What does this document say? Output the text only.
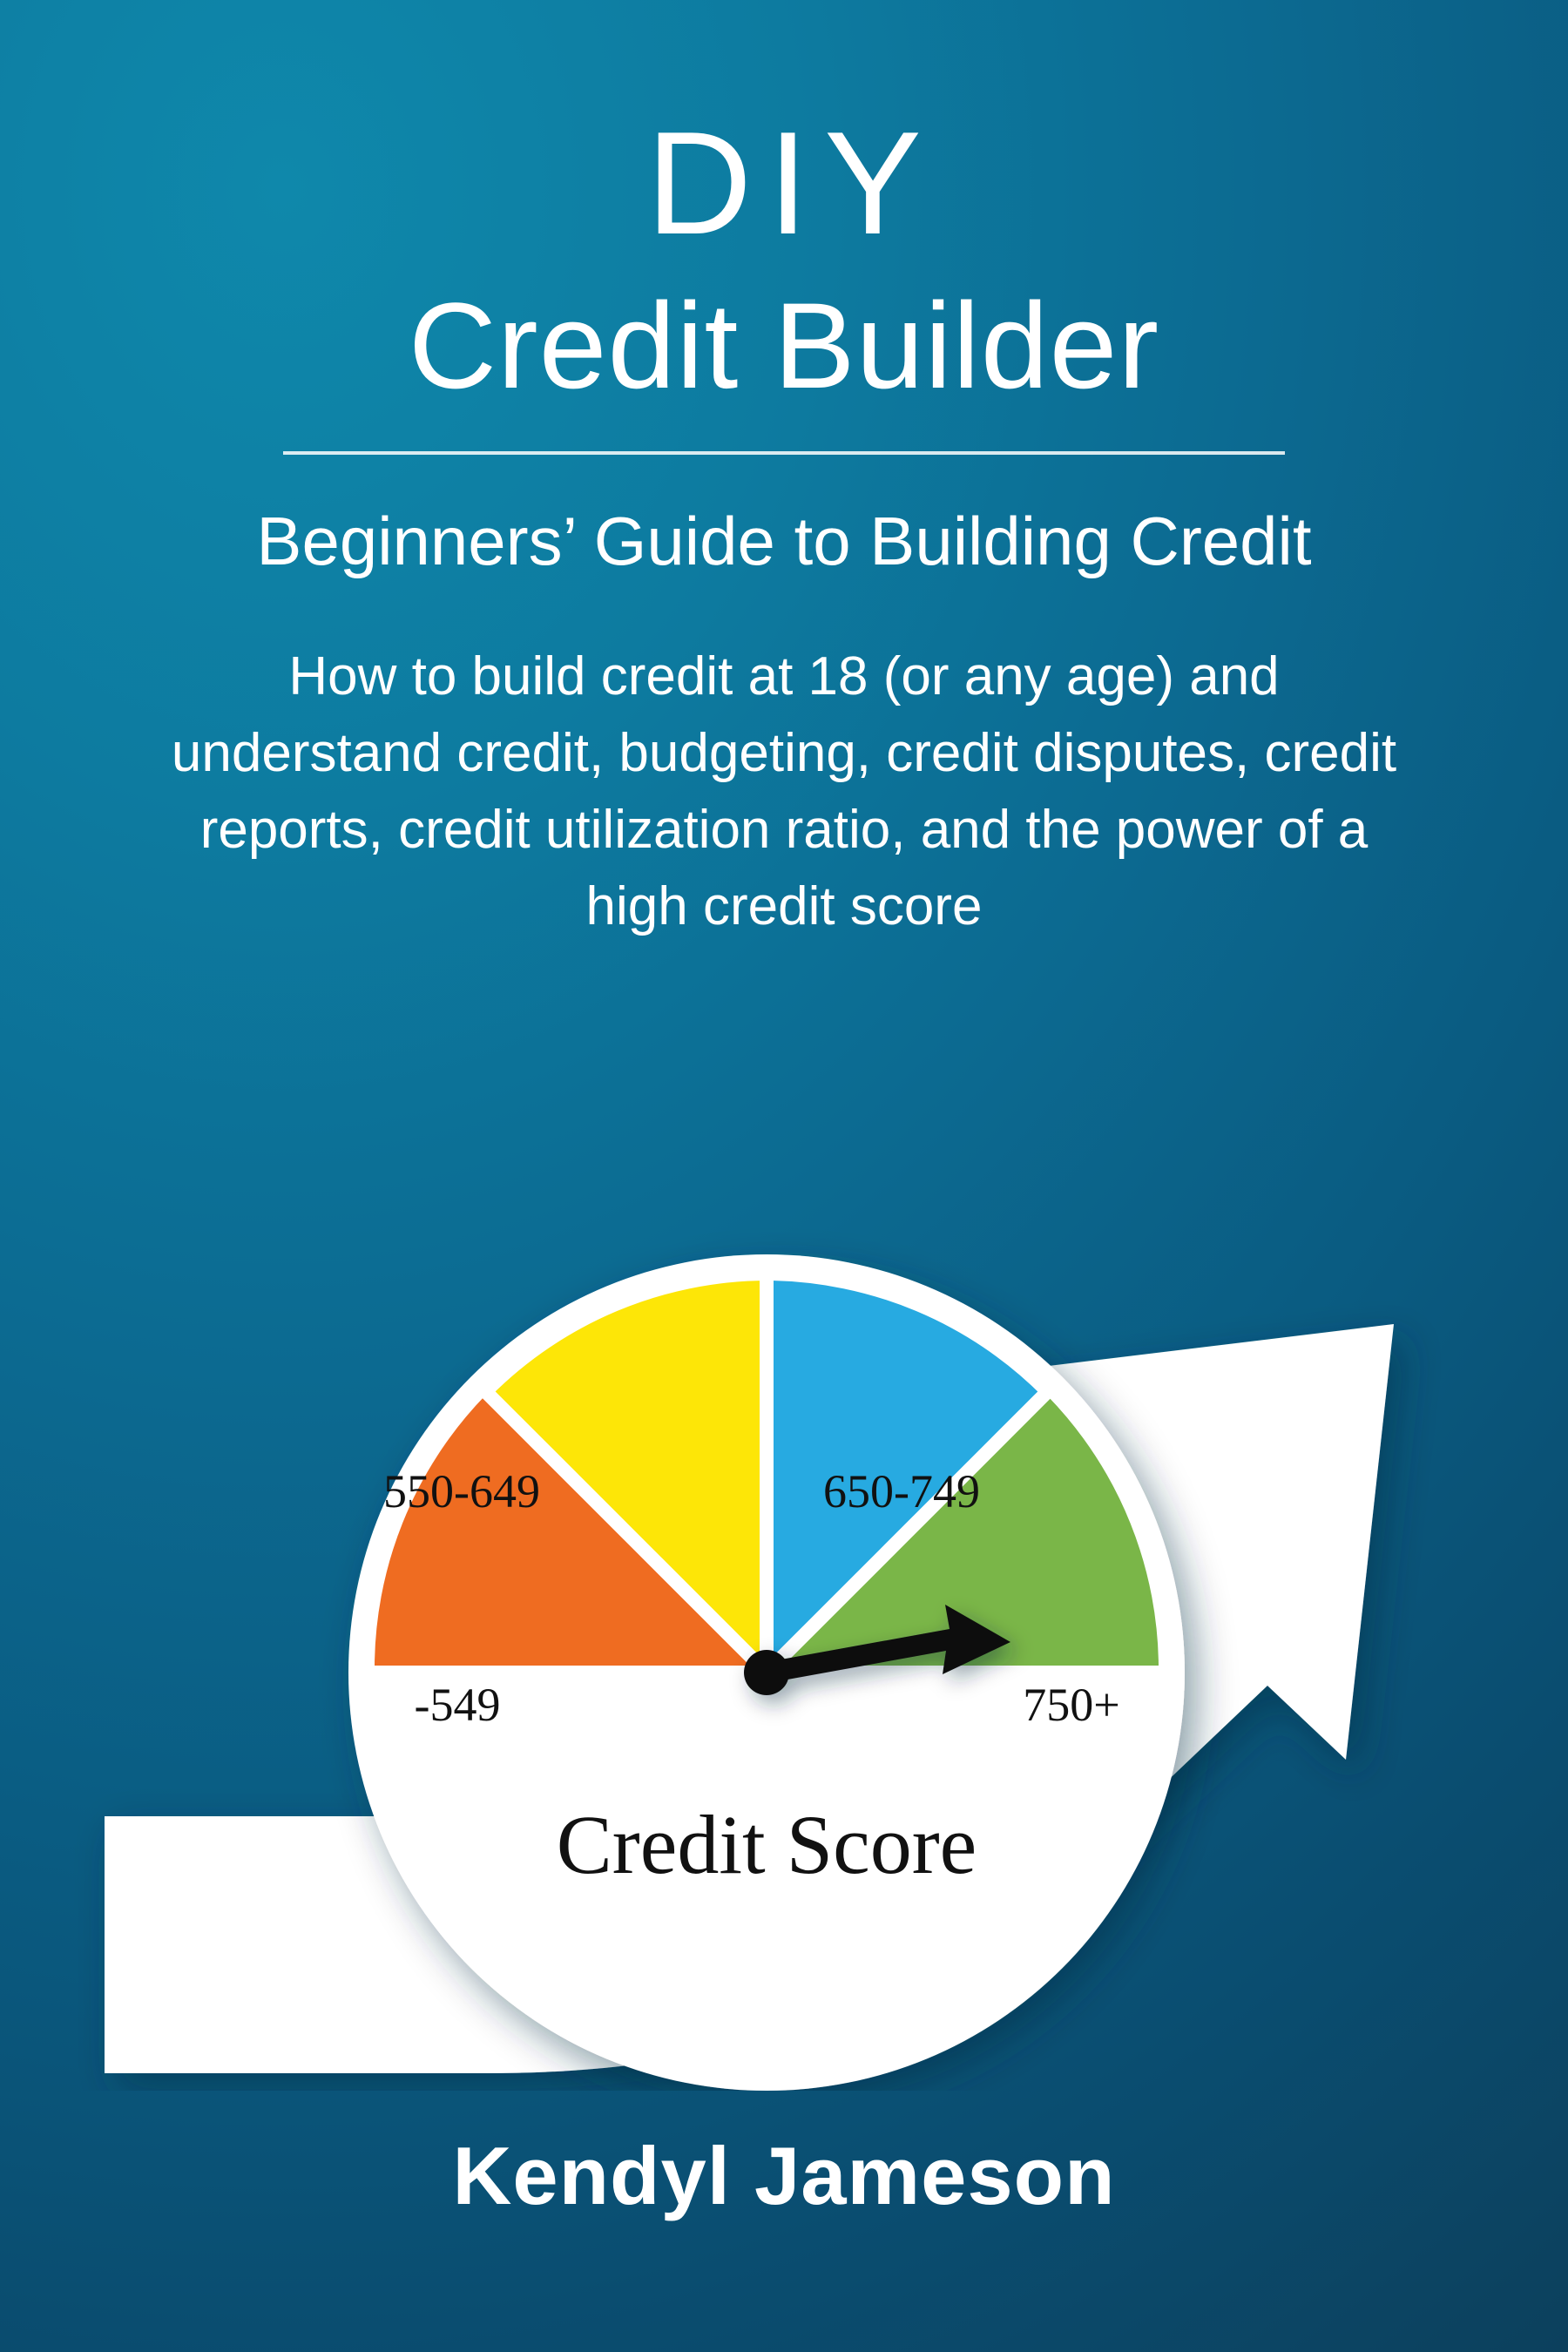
DIY
Credit Builder
Beginners’ Guide to Building Credit
How to build credit at 18 (or any age) and understand credit, budgeting, credit disputes, credit reports, credit utilization ratio, and the power of a high credit score
550-649	650-749
-549	750+
Credit Score
Kendyl Jameson
